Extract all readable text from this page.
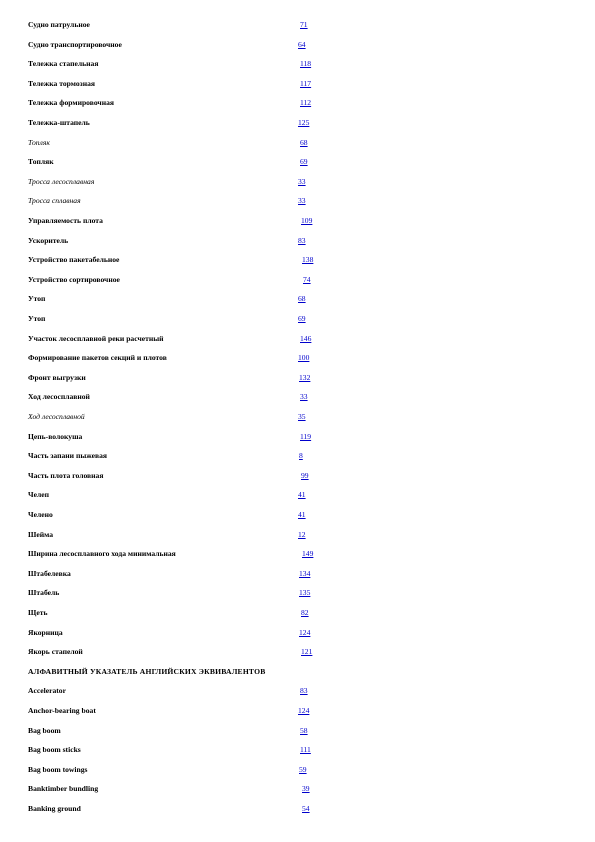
Судно патрульное	71
Судно транспортировочное	64
Тележка стапельная	118
Тележка тормозная	117
Тележка формировочная	112
Тележка-штапель	125
Топляк	68
Топляк	69
Тросса лесосплавная	33
Тросса сплавная	33
Управляемость плота	109
Ускоритель	83
Устройство пакетабельное	138
Устройство сортировочное	74
Утоп	68
Утоп	69
Участок лесосплавной реки расчетный	146
Формирование пакетов секций и плотов	100
Фронт выгрузки	132
Ход лесосплавной	33
Ход лесосплавной	35
Цепь-волокуша	119
Часть запани пыжевая	8
Часть плота головная	99
Челеп	41
Челено	41
Шейма	12
Ширина лесосплавного хода минимальная	149
Штабелевка	134
Штабель	135
Щеть	82
Якорница	124
Якорь стапелой	121
АЛФАВИТНЫЙ УКАЗАТЕЛЬ АНГЛИЙСКИХ ЭКВИВАЛЕНТОВ
Accelerator	83
Anchor-bearing boat	124
Bag boom	58
Bag boom sticks	111
Bag boom towings	59
Banktimber bundling	39
Banking ground	54
